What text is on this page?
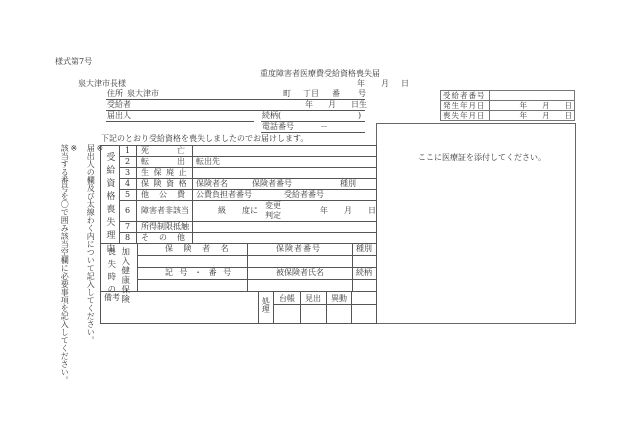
様式第7号
重度障害者医療費受給資格喪失届
泉大津市長様	年 月 日
住所 泉大津市	町 丁目 番 号
受給者	年 月 日生
届出人	続柄(	)
電話番号	－
受給者番号	
発生年月日	年　　月　　日
喪失年月日	年　　月　　日
下記のとおり受給資格を喪失しましたのでお届けします。
ここに医療証を添付してください。
※
届出人の欄及び太線わく内について記入してください。
※
該当する番号を〇で囲み該当空欄に必要事項を記入してください。	受給資格喪失理由
1 死　　　亡
2 転　　　出 転出先
3 生 保 廃 止
4 保 険 資 格 保険者名　　　保険者番号　　　　　　種別
5 他　公　費 公費負担者番号　　　　受給者番号
6 障害者非該当	級　　度に
変更
判定
年　　月　　日
7 所得制限抵触
8 そ　の　他
加入健康保険
喪失時の	保 険 者 名	保険者番号	種別
記 号 ・ 番 号	被保険者氏名	続柄
備考	処理 台帳 見出 異動
